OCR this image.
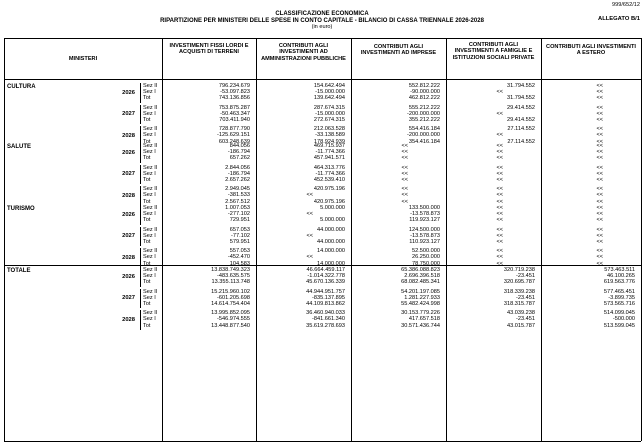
999/652/12
CLASSIFICAZIONE ECONOMICA
RIPARTIZIONE PER MINISTERI DELLE SPESE IN CONTO CAPITALE - BILANCIO DI CASSA TRIENNALE 2026-2028
(in euro)
ALLEGATO B/1
MINISTERI
INVESTIMENTI FISSI LORDI E ACQUISTI DI TERRENI
CONTRIBUTI AGLI INVESTIMENTI AD AMMINISTRAZIONI PUBBLICHE
CONTRIBUTI AGLI INVESTIMENTI AD IMPRESE
CONTRIBUTI AGLI INVESTIMENTI A FAMIGLIE E ISTITUZIONI SOCIALI PRIVATE
CONTRIBUTI AGLI INVESTIMENTI A ESTERO
CULTURA
2026
Sez II	796.234.679	154.642.494	552.812.222	31.794.552	<<
Sez I	-53.097.823	-15.000.000	-90.000.000	<<	<<
Tot	743.136.856	139.642.494	462.812.222	31.794.552	<<
2027
Sez II	753.875.287	287.674.315	555.212.222	29.414.552	<<
Sez I	-50.463.347	-15.000.000	-200.000.000	<<	<<
Tot	703.411.940	272.674.315	355.212.222	29.414.552	<<
2028
Sez II	728.877.790	212.063.528	554.416.184	27.114.552	<<
Sez I	-125.629.151	-33.138.589	-200.000.000	<<	<<
Tot	603.248.639	178.924.939	354.416.184	27.114.552	<<
SALUTE
2026
Sez II	844.056	469.715.937	<<	<<	<<
Sez I	-186.794	-11.774.366	<<	<<	<<
Tot	657.262	457.941.571	<<	<<	<<
2027
Sez II	2.844.056	464.313.776	<<	<<	<<
Sez I	-186.794	-11.774.366	<<	<<	<<
Tot	2.657.262	452.539.410	<<	<<	<<
2028
Sez II	2.949.045	420.975.196	<<	<<	<<
Sez I	-381.533	<<	<<	<<	<<
Tot	2.567.512	420.975.196	<<	<<	<<
TURISMO
2026
Sez II	1.007.053	5.000.000	133.500.000	<<	<<
Sez I	-277.102	<<	-13.578.873	<<	<<
Tot	729.951	5.000.000	119.923.127	<<	<<
2027
Sez II	657.053	44.000.000	124.500.000	<<	<<
Sez I	-77.102	<<	-13.578.873	<<	<<
Tot	579.951	44.000.000	110.923.127	<<	<<
2028
Sez II	557.053	14.000.000	52.500.000	<<	<<
Sez I	-452.470	<<	26.250.000	<<	<<
Tot	104.583	14.000.000	78.750.000	<<	<<
TOTALE
2026
Sez II	13.838.749.323	46.664.459.117	65.386.088.823	320.719.238	573.463.511
Sez I	-483.635.575	-1.014.322.778	2.696.396.518	-23.451	46.100.265
Tot	13.355.113.748	45.670.136.339	68.082.485.341	320.695.787	619.563.776
2027
Sez II	15.215.960.102	44.944.951.757	54.201.197.085	318.339.238	577.465.451
Sez I	-601.205.698	-835.137.895	1.281.227.933	-23.451	-3.899.735
Tot	14.614.754.404	44.109.813.862	55.482.424.998	318.315.787	573.565.716
2028
Sez II	13.995.852.095	36.460.940.033	30.153.779.226	43.039.238	514.099.045
Sez I	-546.974.555	-841.661.340	417.657.518	-23.451	-500.000
Tot	13.448.877.540	35.619.278.693	30.571.436.744	43.015.787	513.599.045
